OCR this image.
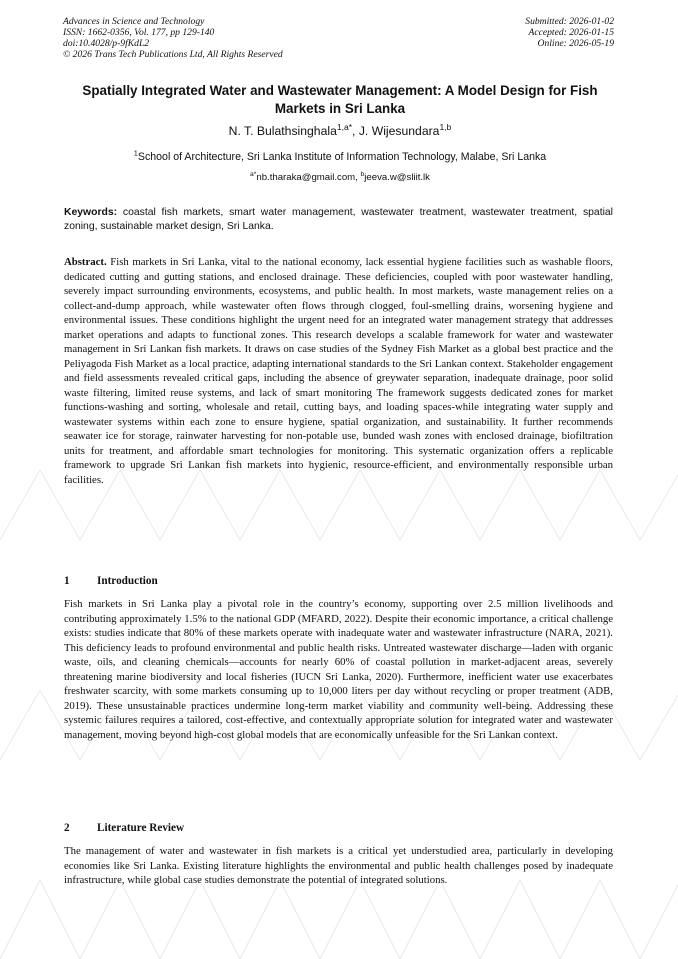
Advances in Science and Technology
ISSN: 1662-0356, Vol. 177, pp 129-140
doi:10.4028/p-9fKdL2
© 2026 Trans Tech Publications Ltd, All Rights Reserved
Submitted: 2026-01-02
Accepted: 2026-01-15
Online: 2026-05-19
Spatially Integrated Water and Wastewater Management: A Model Design for Fish Markets in Sri Lanka
N. T. Bulathsinghala$^{1,a*}$, J. Wijesundara$^{1,b}$
$^1$School of Architecture, Sri Lanka Institute of Information Technology, Malabe, Sri Lanka
$^{a*}$nb.tharaka@gmail.com, $^b$jeeva.w@sliit.lk
Keywords: coastal fish markets, smart water management, wastewater treatment, wastewater treatment, spatial zoning, sustainable market design, Sri Lanka.
Abstract. Fish markets in Sri Lanka, vital to the national economy, lack essential hygiene facilities such as washable floors, dedicated cutting and gutting stations, and enclosed drainage. These deficiencies, coupled with poor wastewater handling, severely impact surrounding environments, ecosystems, and public health. In most markets, waste management relies on a collect-and-dump approach, while wastewater often flows through clogged, foul-smelling drains, worsening hygiene and environmental issues. These conditions highlight the urgent need for an integrated water management strategy that addresses market operations and adapts to functional zones. This research develops a scalable framework for water and wastewater management in Sri Lankan fish markets. It draws on case studies of the Sydney Fish Market as a global best practice and the Peliyagoda Fish Market as a local practice, adapting international standards to the Sri Lankan context. Stakeholder engagement and field assessments revealed critical gaps, including the absence of greywater separation, inadequate drainage, poor solid waste filtering, limited reuse systems, and lack of smart monitoring The framework suggests dedicated zones for market functions-washing and sorting, wholesale and retail, cutting bays, and loading spaces-while integrating water supply and wastewater systems within each zone to ensure hygiene, spatial organization, and sustainability. It further recommends seawater ice for storage, rainwater harvesting for non-potable use, bunded wash zones with enclosed drainage, biofiltration units for treatment, and affordable smart technologies for monitoring. This systematic organization offers a replicable framework to upgrade Sri Lankan fish markets into hygienic, resource-efficient, and environmentally responsible urban facilities.
1 Introduction
Fish markets in Sri Lanka play a pivotal role in the country’s economy, supporting over 2.5 million livelihoods and contributing approximately 1.5% to the national GDP (MFARD, 2022). Despite their economic importance, a critical challenge exists: studies indicate that 80% of these markets operate with inadequate water and wastewater infrastructure (NARA, 2021). This deficiency leads to profound environmental and public health risks. Untreated wastewater discharge—laden with organic waste, oils, and cleaning chemicals—accounts for nearly 60% of coastal pollution in market-adjacent areas, severely threatening marine biodiversity and local fisheries (IUCN Sri Lanka, 2020). Furthermore, inefficient water use exacerbates freshwater scarcity, with some markets consuming up to 10,000 liters per day without recycling or proper treatment (ADB, 2019). These unsustainable practices undermine long-term market viability and community well-being. Addressing these systemic failures requires a tailored, cost-effective, and contextually appropriate solution for integrated water and wastewater management, moving beyond high-cost global models that are economically unfeasible for the Sri Lankan context.
2 Literature Review
The management of water and wastewater in fish markets is a critical yet understudied area, particularly in developing economies like Sri Lanka. Existing literature highlights the environmental and public health challenges posed by inadequate infrastructure, while global case studies demonstrate the potential of integrated solutions.
